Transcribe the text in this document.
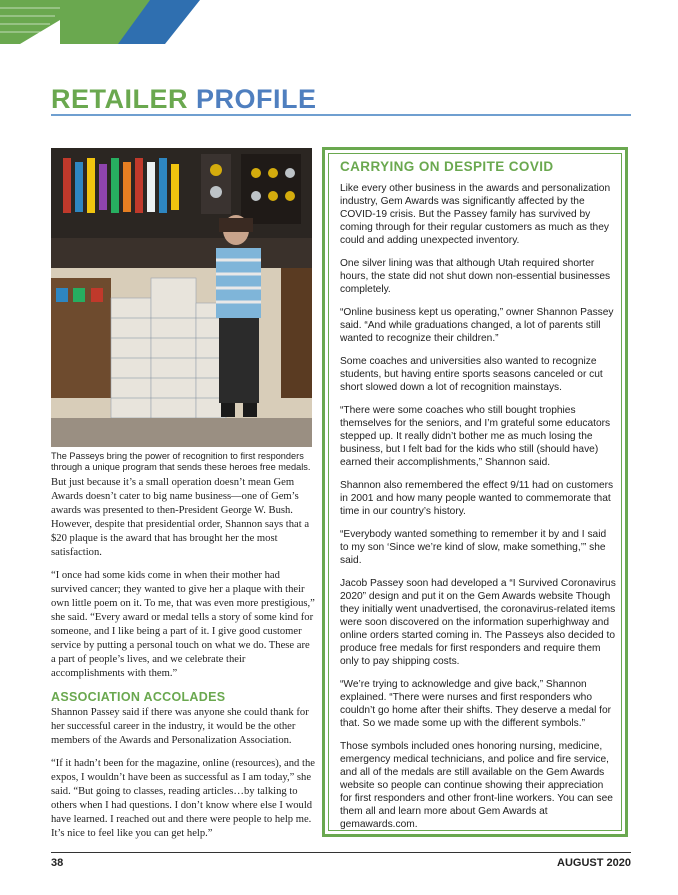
RETAILER PROFILE
The Passeys bring the power of recognition to first responders through a unique program that sends these heroes free medals.

But just because it’s a small operation doesn’t mean Gem Awards doesn’t cater to big name business—one of Gem’s awards was presented to then-President George W. Bush. However, despite that presidential order, Shannon says that a $20 plaque is the award that has brought her the most satisfaction.

“I once had some kids come in when their mother had survived cancer; they wanted to give her a plaque with their own little poem on it. To me, that was even more prestigious,” she said. “Every award or medal tells a story of some kind for someone, and I like being a part of it. I give good customer service by putting a personal touch on what we do. These are a part of people’s lives, and we celebrate their accomplishments with them.”

ASSOCIATION ACCOLADES

Shannon Passey said if there was anyone she could thank for her successful career in the industry, it would be the other members of the Awards and Personalization Association.

“If it hadn’t been for the magazine, online (resources), and the expos, I wouldn’t have been as successful as I am today,” she said. “But going to classes, reading articles…by talking to others when I had questions. I don’t know where else I would have learned. I reached out and there were people to help me. It’s nice to feel like you can get help.”

CARRYING ON DESPITE COVID

Like every other business in the awards and personalization industry, Gem Awards was significantly affected by the COVID-19 crisis. But the Passey family has survived by coming through for their regular customers as much as they could and adding unexpected inventory.

One silver lining was that although Utah required shorter hours, the state did not shut down non-essential businesses completely.

“Online business kept us operating,” owner Shannon Passey said. “And while graduations changed, a lot of parents still wanted to recognize their children.”

Some coaches and universities also wanted to recognize students, but having entire sports seasons canceled or cut short slowed down a lot of recognition mainstays.

“There were some coaches who still bought trophies themselves for the seniors, and I’m grateful some educators stepped up. It really didn’t bother me as much losing the business, but I felt bad for the kids who still (should have) earned their accomplishments,” Shannon said.

Shannon also remembered the effect 9/11 had on customers in 2001 and how many people wanted to commemorate that time in our country’s history.

“Everybody wanted something to remember it by and I said to my son ‘Since we’re kind of slow, make something,’” she said.

Jacob Passey soon had developed a “I Survived Coronavirus 2020” design and put it on the Gem Awards website Though they initially went unadvertised, the coronavirus-related items were soon discovered on the information superhighway and online orders started coming in. The Passeys also decided to produce free medals for first responders and require them only to pay shipping costs.

“We’re trying to acknowledge and give back,” Shannon explained. “There were nurses and first responders who couldn’t go home after their shifts. They deserve a medal for that. So we made some up with the different symbols.”

Those symbols included ones honoring nursing, medicine, emergency medical technicians, and police and fire service, and all of the medals are still available on the Gem Awards website so people can continue showing their appreciation for first responders and other front-line workers. You can see them all and learn more about Gem Awards at gemawards.com.

38	AUGUST 2020
